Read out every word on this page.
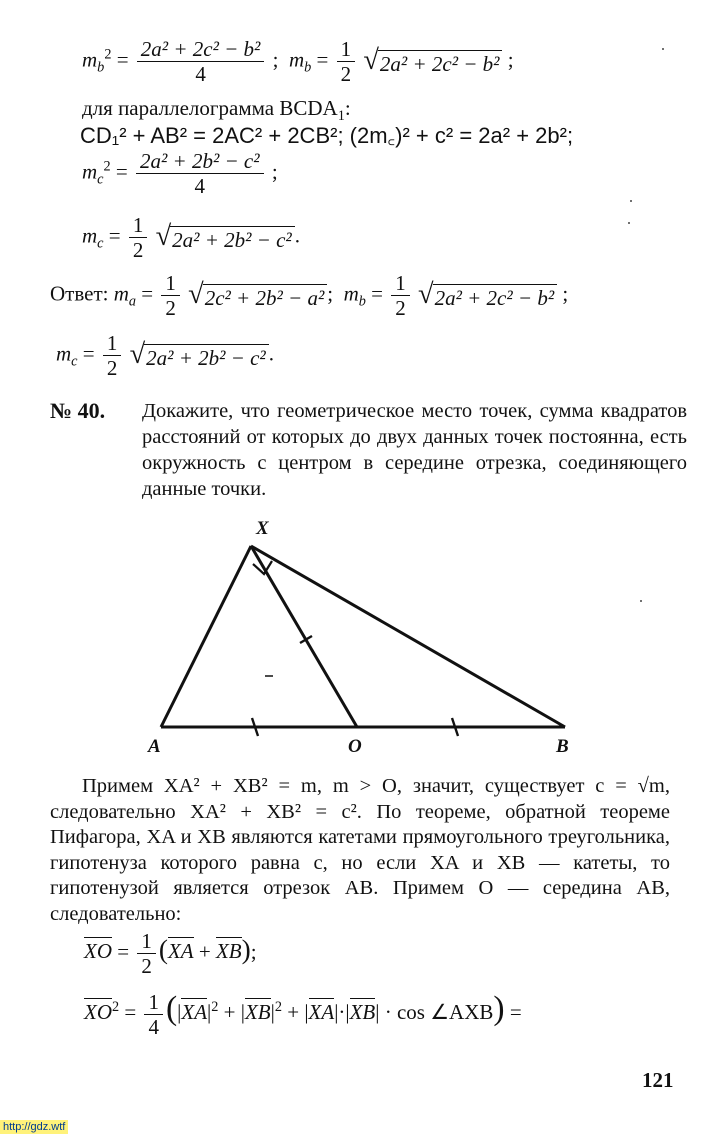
$m_b^2 = \frac{\text{2a² + 2c² − b²}}{4}$ ;  $m_b = \frac{1}{2}$
√ 2a² + 2c² − b² ;
для параллелограмма $BCDA_1$:
CD₁² + AB² = 2AC² + 2CB²; (2m꜀)² + c² = 2a² + 2b²;
$m_c^2 = \frac{\text{2a² + 2b² − c²}}{4}$ ;
$m_c = \frac{1}{2}$
√ 2a² + 2b² − c² .
Ответ: $m_a = \frac{1}{2}$
√ 2c² + 2b² − a² ;  $m_b = \frac{1}{2}$
√ 2a² + 2c² − b² ;
$m_c = \frac{1}{2}$
√ 2a² + 2b² − c² .
№ 40. Докажите, что геометрическое место точек, сумма квадратов расстояний от которых до двух данных точек постоянна, есть окружность с центром в середине отрезка, соединяющего данные точки.
X
A	O	B
Примем XA² + XB² = m, m > O, значит, существует c = √m, следовательно XA² + XB² = c². По теореме, обратной теореме Пифагора, XA и XB являются катетами прямоугольного треугольника, гипотенуза которого равна c, но если XA и XB — катеты, то гипотенузой является отрезок AB. Примем O — середина AB, следовательно:
XO = $\frac{1}{2} (XA + XB)$;
$XO^2 = \frac{1}{4} (|XA|^2 + |XB|^2 + |XA|\cdot|XB| \cdot \cos$ ∠AXB) =
121
http://gdz.wtf
